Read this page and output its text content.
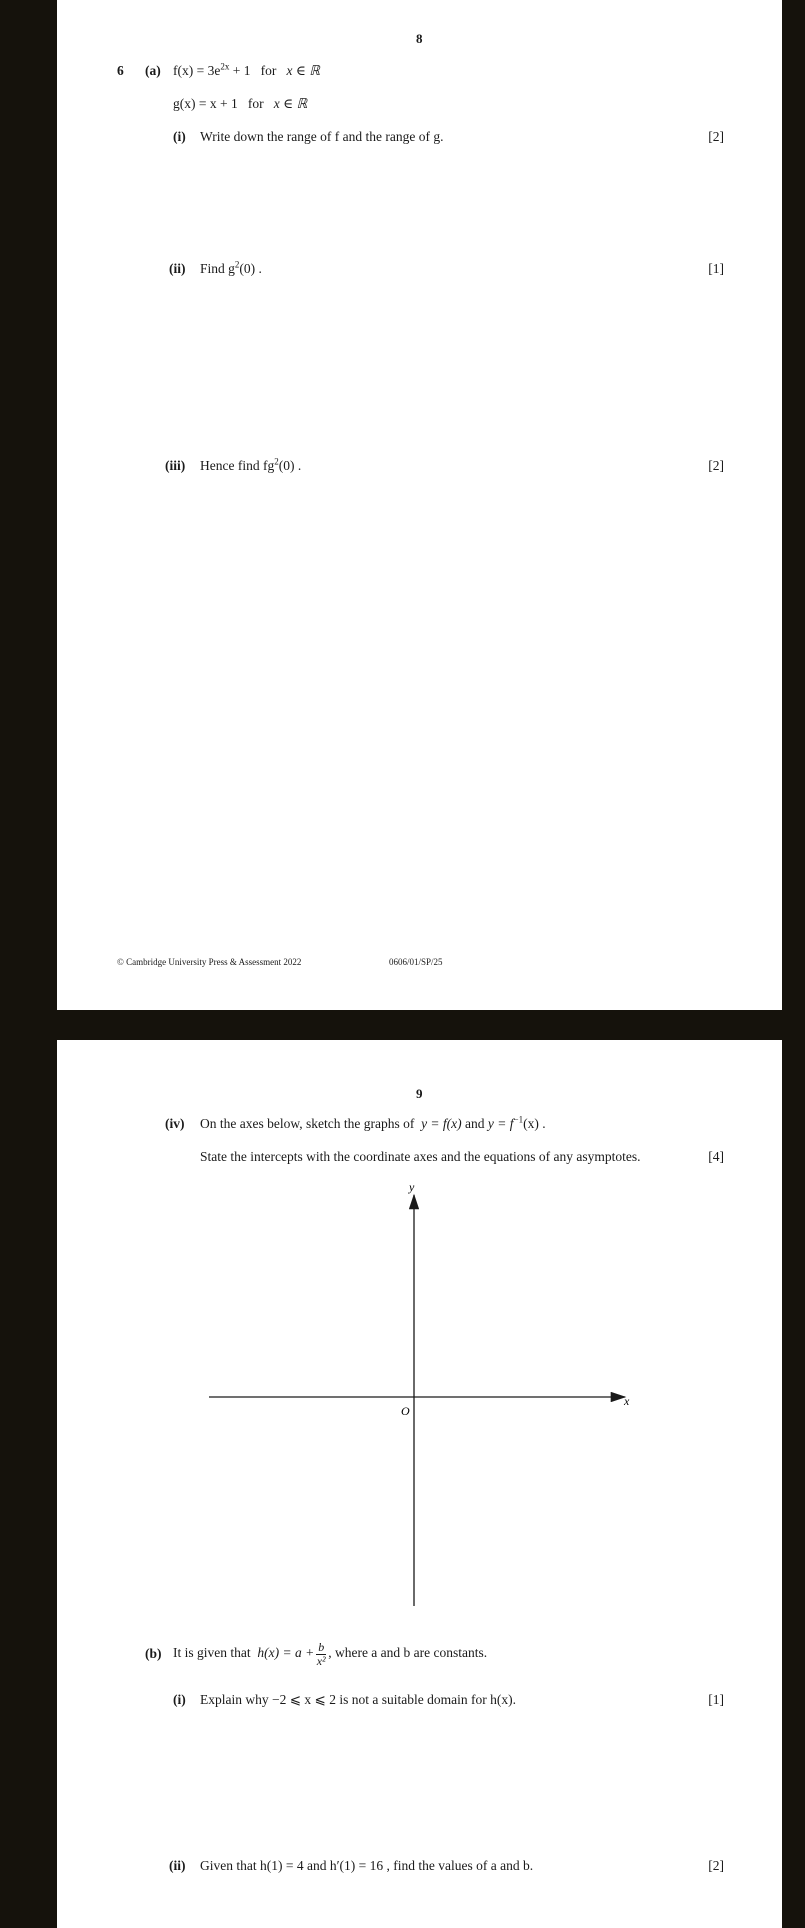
8
6 (a) $f(x) = 3e^{2x} + 1$ for x ∈ ℝ
g(x) = x + 1 for x ∈ ℝ
(i) Write down the range of f and the range of g.	[2]
(ii) Find $g^2(0)$ .	[1]
(iii) Hence find $fg^2(0)$ .	[2]
© Cambridge University Press & Assessment 2022	0606/01/SP/25
9
(iv) On the axes below, sketch the graphs of y = f(x) and $y = f^{-1}(x)$ .
State the intercepts with the coordinate axes and the equations of any asymptotes.	[4]
y
x
O
(b) It is given that $h(x) = a + \frac{b}{\text{x²}}$ , where a and b are constants.
(i) Explain why −2 ⩽ x ⩽ 2 is not a suitable domain for h(x).	[1]
(ii) Given that h(1) = 4 and h′(1) = 16 , find the values of a and b.	[2]
